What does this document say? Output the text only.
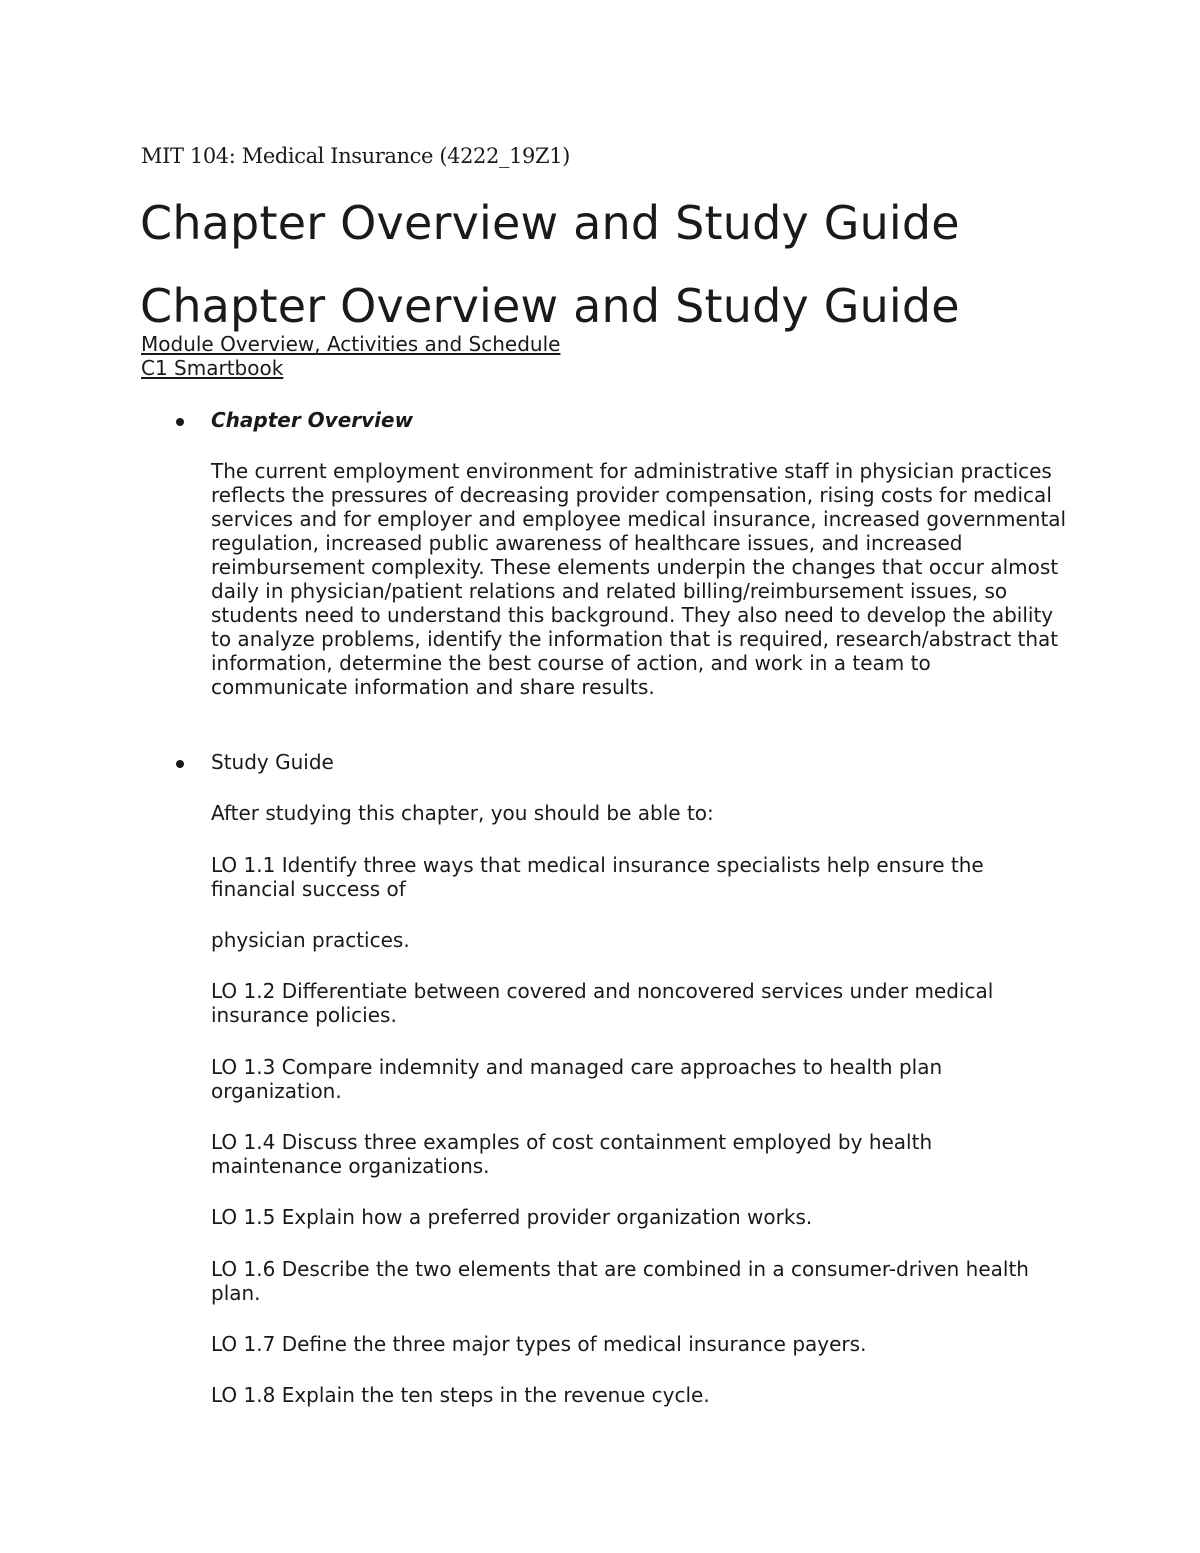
MIT 104: Medical Insurance (4222_19Z1)

Chapter Overview and Study Guide
Chapter Overview and Study Guide
Module Overview, Activities and Schedule
C1 Smartbook
Chapter Overview

The current employment environment for administrative staff in physician practices reflects the pressures of decreasing provider compensation, rising costs for medical services and for employer and employee medical insurance, increased governmental regulation, increased public awareness of healthcare issues, and increased reimbursement complexity. These elements underpin the changes that occur almost daily in physician/patient relations and related billing/reimbursement issues, so students need to understand this background. They also need to develop the ability to analyze problems, identify the information that is required, research/abstract that information, determine the best course of action, and work in a team to communicate information and share results.

Study Guide

After studying this chapter, you should be able to:

LO 1.1 Identify three ways that medical insurance specialists help ensure the financial success of

physician practices.

LO 1.2 Differentiate between covered and noncovered services under medical insurance policies.

LO 1.3 Compare indemnity and managed care approaches to health plan organization.

LO 1.4 Discuss three examples of cost containment employed by health maintenance organizations.

LO 1.5 Explain how a preferred provider organization works.

LO 1.6 Describe the two elements that are combined in a consumer-driven health plan.

LO 1.7 Define the three major types of medical insurance payers.

LO 1.8 Explain the ten steps in the revenue cycle.
